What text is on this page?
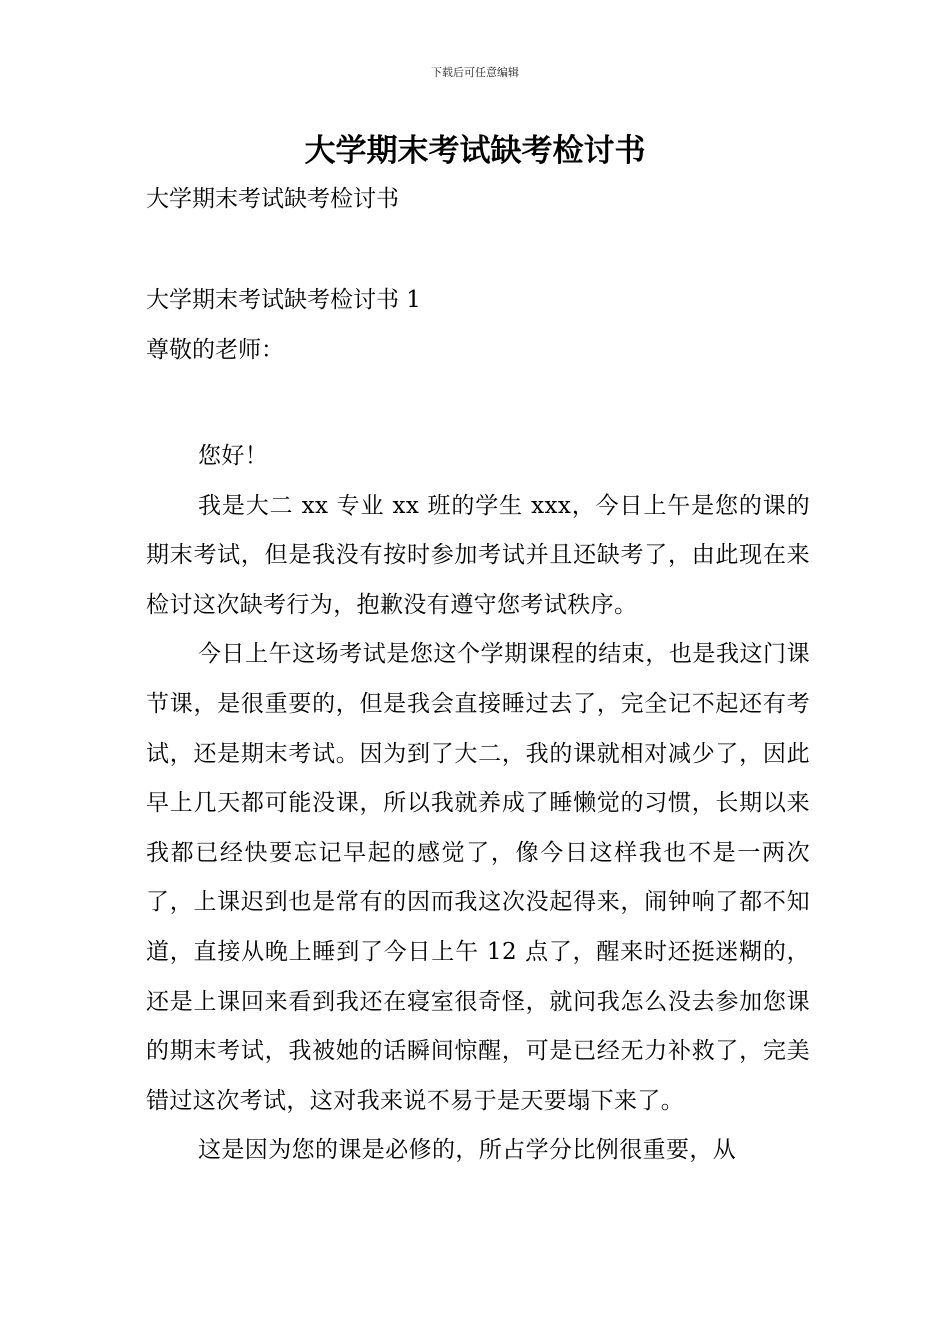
下载后可任意编辑
大学期末考试缺考检讨书
大学期末考试缺考检讨书
大学期末考试缺考检讨书 1
尊敬的老师：

您好！

我是大二 xx 专业 xx 班的学生 xxx，今日上午是您的课的期末考试，但是我没有按时参加考试并且还缺考了，由此现在来检讨这次缺考行为，抱歉没有遵守您考试秩序。

今日上午这场考试是您这个学期课程的结束，也是我这门课节课，是很重要的，但是我会直接睡过去了，完全记不起还有考试，还是期末考试。因为到了大二，我的课就相对减少了，因此早上几天都可能没课，所以我就养成了睡懒觉的习惯，长期以来我都已经快要忘记早起的感觉了，像今日这样我也不是一两次了，上课迟到也是常有的因而我这次没起得来，闹钟响了都不知道，直接从晚上睡到了今日上午 12 点了，醒来时还挺迷糊的，还是上课回来看到我还在寝室很奇怪，就问我怎么没去参加您课的期末考试，我被她的话瞬间惊醒，可是已经无力补救了，完美错过这次考试，这对我来说不易于是天要塌下来了。

这是因为您的课是必修的，所占学分比例很重要，从
